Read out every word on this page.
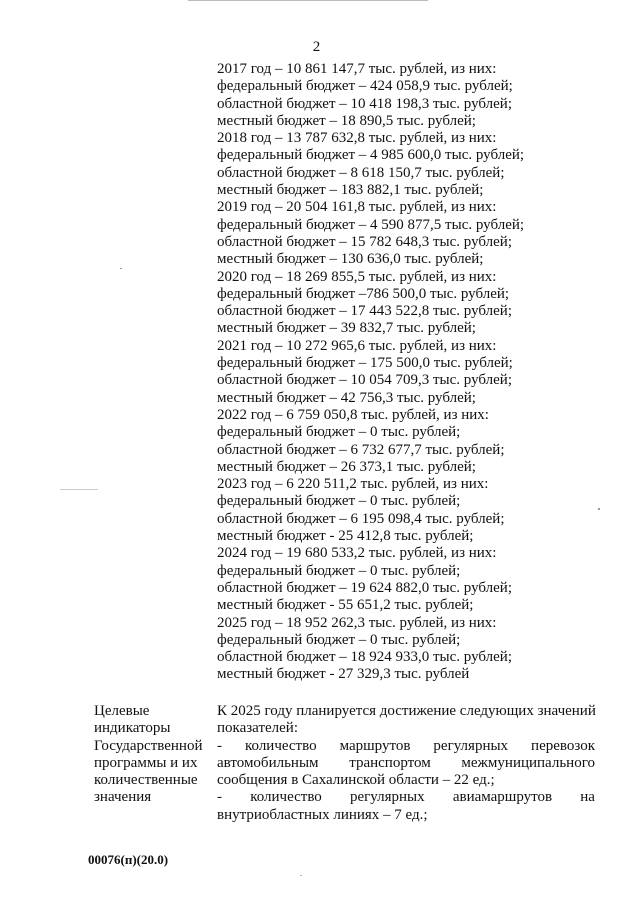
2
2017 год – 10 861 147,7 тыс. рублей, из них:
федеральный бюджет – 424 058,9 тыс. рублей;
областной бюджет – 10 418 198,3 тыс. рублей;
местный бюджет – 18 890,5 тыс. рублей;
2018 год – 13 787 632,8 тыс. рублей, из них:
федеральный бюджет – 4 985 600,0 тыс. рублей;
областной бюджет – 8 618 150,7 тыс. рублей;
местный бюджет – 183 882,1 тыс. рублей;
2019 год – 20 504 161,8 тыс. рублей, из них:
федеральный бюджет – 4 590 877,5 тыс. рублей;
областной бюджет – 15 782 648,3 тыс. рублей;
местный бюджет – 130 636,0 тыс. рублей;
2020 год – 18 269 855,5 тыс. рублей, из них:
федеральный бюджет –786 500,0 тыс. рублей;
областной бюджет – 17 443 522,8 тыс. рублей;
местный бюджет – 39 832,7 тыс. рублей;
2021 год – 10 272 965,6 тыс. рублей, из них:
федеральный бюджет – 175 500,0 тыс. рублей;
областной бюджет – 10 054 709,3 тыс. рублей;
местный бюджет – 42 756,3 тыс. рублей;
2022 год – 6 759 050,8 тыс. рублей, из них:
федеральный бюджет – 0 тыс. рублей;
областной бюджет – 6 732 677,7 тыс. рублей;
местный бюджет – 26 373,1 тыс. рублей;
2023 год – 6 220 511,2 тыс. рублей, из них:
федеральный бюджет – 0 тыс. рублей;
областной бюджет – 6 195 098,4 тыс. рублей;
местный бюджет - 25 412,8 тыс. рублей;
2024 год – 19 680 533,2 тыс. рублей, из них:
федеральный бюджет – 0 тыс. рублей;
областной бюджет – 19 624 882,0 тыс. рублей;
местный бюджет - 55 651,2 тыс. рублей;
2025 год – 18 952 262,3 тыс. рублей, из них:
федеральный бюджет – 0 тыс. рублей;
областной бюджет – 18 924 933,0 тыс. рублей;
местный бюджет - 27 329,3 тыс. рублей
Целевые
индикаторы
Государственной
программы и их
количественные
значения
К 2025 году планируется достижение следующих значений
показателей:
- количество маршрутов регулярных перевозок
автомобильным транспортом межмуниципального
сообщения в Сахалинской области – 22 ед.;
- количество регулярных авиамаршрутов на
внутриобластных линиях – 7 ед.;
00076(п)(20.0)
